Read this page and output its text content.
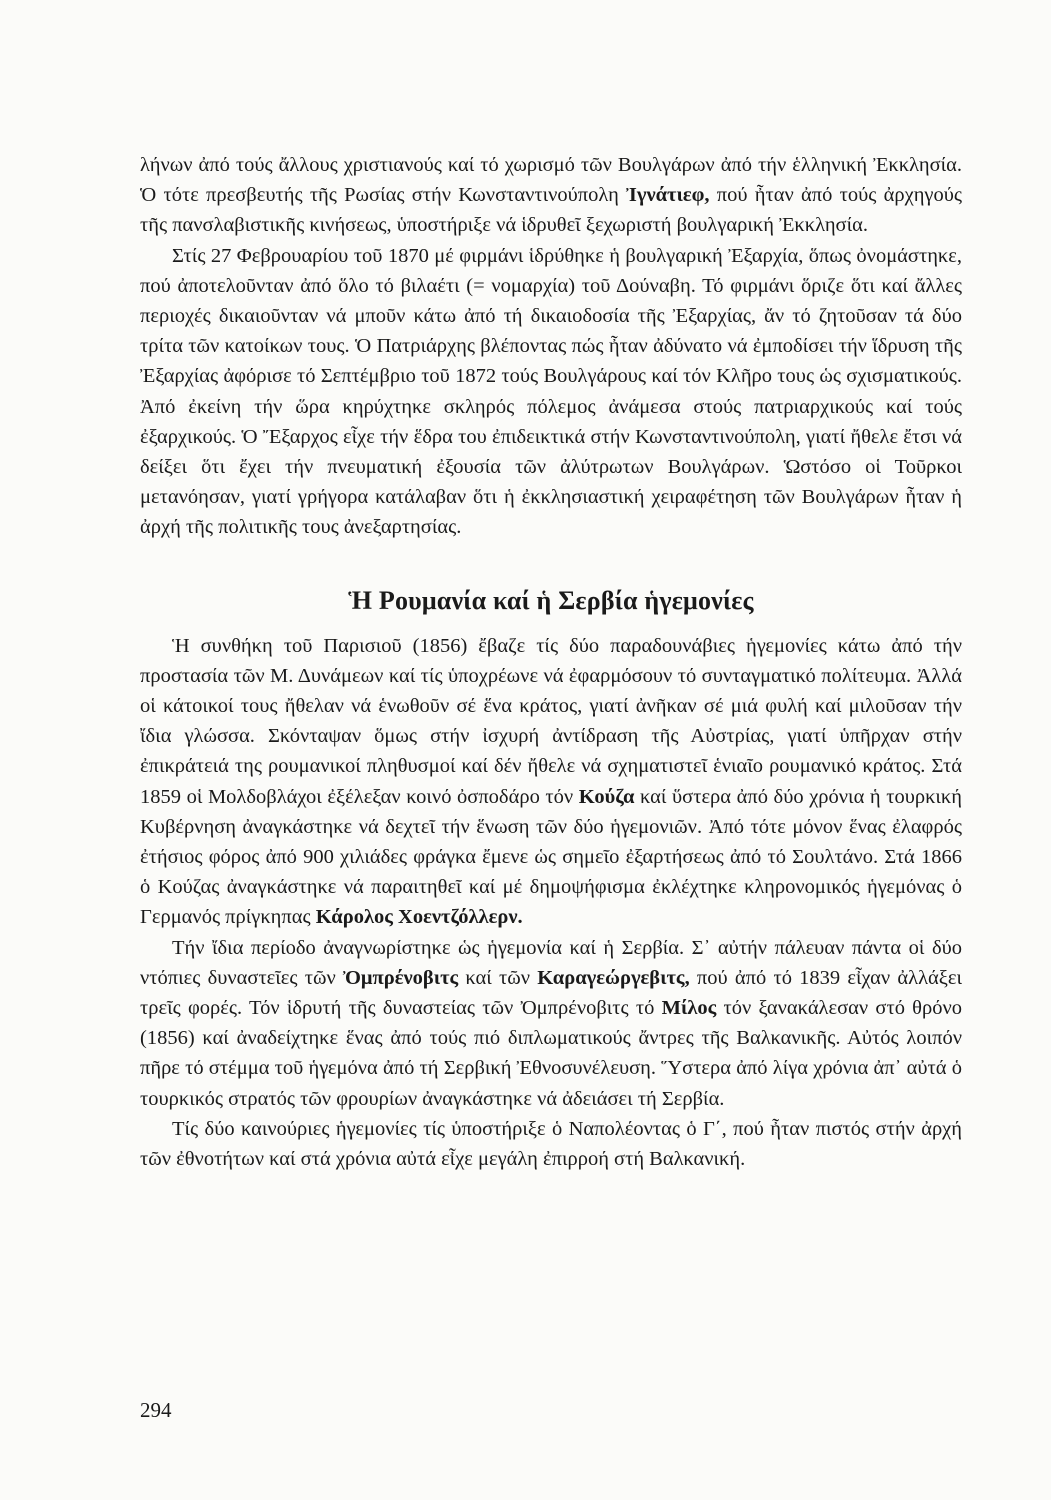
λήνων ἀπό τούς ἄλλους χριστιανούς καί τό χωρισμό τῶν Βουλγάρων ἀπό τήν ἑλληνική Ἐκκλησία. Ὁ τότε πρεσβευτής τῆς Ρωσίας στήν Κωνσταντινούπολη Ἰγνάτιεφ, πού ἦταν ἀπό τούς ἀρχηγούς τῆς πανσλαβιστικῆς κινήσεως, ὑποστήριξε νά ἱδρυθεῖ ξεχωριστή βουλγαρική Ἐκκλησία.

Στίς 27 Φεβρουαρίου τοῦ 1870 μέ φιρμάνι ἱδρύθηκε ἡ βουλγαρική Ἐξαρχία, ὅπως ὀνομάστηκε, πού ἀποτελοῦνταν ἀπό ὅλο τό βιλαέτι (= νομαρχία) τοῦ Δούναβη. Τό φιρμάνι ὅριζε ὅτι καί ἄλλες περιοχές δικαιοῦνταν νά μποῦν κάτω ἀπό τή δικαιοδοσία τῆς Ἐξαρχίας, ἄν τό ζητοῦσαν τά δύο τρίτα τῶν κατοίκων τους. Ὁ Πατριάρχης βλέποντας πώς ἦταν ἀδύνατο νά ἐμποδίσει τήν ἵδρυση τῆς Ἐξαρχίας ἀφόρισε τό Σεπτέμβριο τοῦ 1872 τούς Βουλγάρους καί τόν Κλῆρο τους ὡς σχισματικούς. Ἀπό ἐκείνη τήν ὥρα κηρύχτηκε σκληρός πόλεμος ἀνάμεσα στούς πατριαρχικούς καί τούς ἐξαρχικούς. Ὁ Ἔξαρχος εἶχε τήν ἕδρα του ἐπιδεικτικά στήν Κωνσταντινούπολη, γιατί ἤθελε ἔτσι νά δείξει ὅτι ἔχει τήν πνευματική ἐξουσία τῶν ἀλύτρωτων Βουλγάρων. Ὡστόσο οἱ Τοῦρκοι μετανόησαν, γιατί γρήγορα κατάλαβαν ὅτι ἡ ἐκκλησιαστική χειραφέτηση τῶν Βουλγάρων ἦταν ἡ ἀρχή τῆς πολιτικῆς τους ἀνεξαρτησίας.

Ἡ Ρουμανία καί ἡ Σερβία ἡγεμονίες

Ἡ συνθήκη τοῦ Παρισιοῦ (1856) ἔβαζε τίς δύο παραδουνάβιες ἡγεμονίες κάτω ἀπό τήν προστασία τῶν Μ. Δυνάμεων καί τίς ὑποχρέωνε νά ἐφαρμόσουν τό συνταγματικό πολίτευμα. Ἀλλά οἱ κάτοικοί τους ἤθελαν νά ἑνωθοῦν σέ ἕνα κράτος, γιατί ἀνῆκαν σέ μιά φυλή καί μιλοῦσαν τήν ἴδια γλώσσα. Σκόνταψαν ὅμως στήν ἰσχυρή ἀντίδραση τῆς Αὐστρίας, γιατί ὑπῆρχαν στήν ἐπικράτειά της ρουμανικοί πληθυσμοί καί δέν ἤθελε νά σχηματιστεῖ ἑνιαῖο ρουμανικό κράτος. Στά 1859 οἱ Μολδοβλάχοι ἐξέλεξαν κοινό ὀσποδάρο τόν Κούζα καί ὕστερα ἀπό δύο χρόνια ἡ τουρκική Κυβέρνηση ἀναγκάστηκε νά δεχτεῖ τήν ἕνωση τῶν δύο ἡγεμονιῶν. Ἀπό τότε μόνον ἕνας ἐλαφρός ἐτήσιος φόρος ἀπό 900 χιλιάδες φράγκα ἔμενε ὡς σημεῖο ἐξαρτήσεως ἀπό τό Σουλτάνο. Στά 1866 ὁ Κούζας ἀναγκάστηκε νά παραιτηθεῖ καί μέ δημοψήφισμα ἐκλέχτηκε κληρονομικός ἡγεμόνας ὁ Γερμανός πρίγκηπας Κάρολος Χοεντζόλλερν.

Τήν ἴδια περίοδο ἀναγνωρίστηκε ὡς ἡγεμονία καί ἡ Σερβία. Σ᾿ αὐτήν πάλευαν πάντα οἱ δύο ντόπιες δυναστεῖες τῶν Ὀμπρένοβιτς καί τῶν Καραγεώργεβιτς, πού ἀπό τό 1839 εἶχαν ἀλλάξει τρεῖς φορές. Τόν ἱδρυτή τῆς δυναστείας τῶν Ὀμπρένοβιτς τό Μίλος τόν ξανακάλεσαν στό θρόνο (1856) καί ἀναδείχτηκε ἕνας ἀπό τούς πιό διπλωματικούς ἄντρες τῆς Βαλκανικῆς. Αὐτός λοιπόν πῆρε τό στέμμα τοῦ ἡγεμόνα ἀπό τή Σερβική Ἐθνοσυνέλευση. Ὕστερα ἀπό λίγα χρόνια ἀπ᾿ αὐτά ὁ τουρκικός στρατός τῶν φρουρίων ἀναγκάστηκε νά ἀδειάσει τή Σερβία.

Τίς δύο καινούριες ἡγεμονίες τίς ὑποστήριξε ὁ Ναπολέοντας ὁ Γ΄, πού ἦταν πιστός στήν ἀρχή τῶν ἐθνοτήτων καί στά χρόνια αὐτά εἶχε μεγάλη ἐπιρροή στή Βαλκανική.

294
